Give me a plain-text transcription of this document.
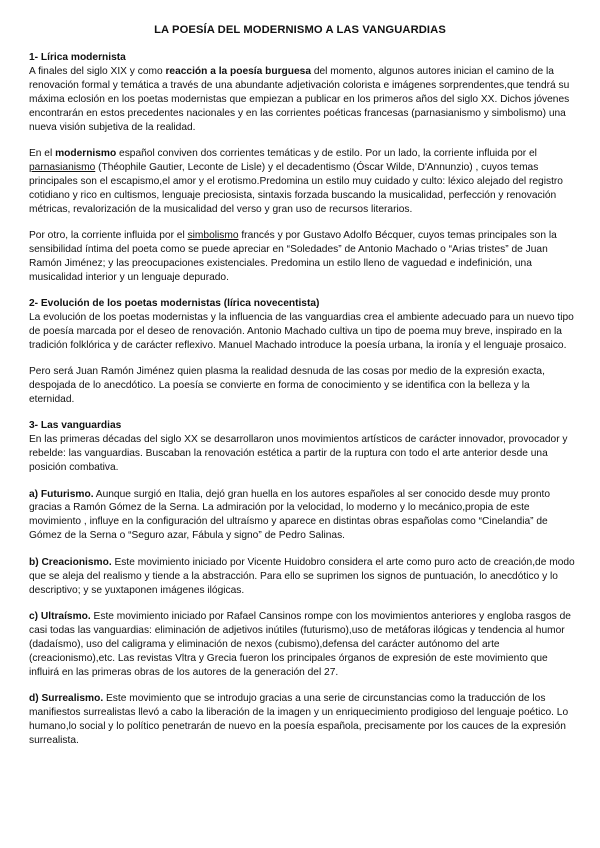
LA POESÍA DEL MODERNISMO A LAS VANGUARDIAS
1- Lírica modernista

A finales del siglo XIX y como reacción a la poesía burguesa del momento, algunos autores inician el camino de la renovación formal y temática a través de una abundante adjetivación colorista e imágenes sorprendentes,que tendrá su máxima eclosión en los poetas modernistas que empiezan a publicar en los primeros años del siglo XX. Dichos jóvenes encontrarán en estos precedentes nacionales y en las corrientes poéticas francesas (parnasianismo y simbolismo) una nueva visión subjetiva de la realidad.

En el modernismo español conviven dos corrientes temáticas y de estilo. Por un lado, la corriente influida por el parnasianismo (Théophile Gautier, Leconte de Lisle) y el decadentismo (Óscar Wilde, D'Annunzio) , cuyos temas principales son el escapismo,el amor y el erotismo.Predomina un estilo muy cuidado y culto: léxico alejado del registro cotidiano y rico en cultismos, lenguaje preciosista, sintaxis forzada buscando la musicalidad, perfección y renovación métricas, revalorización de la musicalidad del verso y gran uso de recursos literarios.

Por otro, la corriente influida por el simbolismo francés y por Gustavo Adolfo Bécquer, cuyos temas principales son la sensibilidad íntima del poeta como se puede apreciar en “Soledades” de Antonio Machado o “Arias tristes” de Juan Ramón Jiménez; y las preocupaciones existenciales. Predomina un estilo lleno de vaguedad e indefinición, una musicalidad interior y un lenguaje depurado.

2- Evolución de los poetas modernistas (lírica novecentista)

La evolución de los poetas modernistas y la influencia de las vanguardias crea el ambiente adecuado para un nuevo tipo de poesía marcada por el deseo de renovación. Antonio Machado cultiva un tipo de poema muy breve, inspirado en la tradición folklórica y de carácter reflexivo. Manuel Machado introduce la poesía urbana, la ironía y el lenguaje prosaico.

Pero será Juan Ramón Jiménez quien plasma la realidad desnuda de las cosas por medio de la expresión exacta, despojada de lo anecdótico. La poesía se convierte en forma de conocimiento y se identifica con la belleza y la eternidad.

3- Las vanguardias

En las primeras décadas del siglo XX se desarrollaron unos movimientos artísticos de carácter innovador, provocador y rebelde: las vanguardias. Buscaban la renovación estética a partir de la ruptura con todo el arte anterior desde una posición combativa.

a) Futurismo. Aunque surgió en Italia, dejó gran huella en los autores españoles al ser conocido desde muy pronto gracias a Ramón Gómez de la Serna. La admiración por la velocidad, lo moderno y lo mecánico,propia de este movimiento , influye en la configuración del ultraísmo y aparece en distintas obras españolas como “Cinelandia” de Gómez de la Serna o “Seguro azar, Fábula y signo” de Pedro Salinas.

b) Creacionismo. Este movimiento iniciado por Vicente Huidobro considera el arte como puro acto de creación,de modo que se aleja del realismo y tiende a la abstracción. Para ello se suprimen los signos de puntuación, lo anecdótico y lo descriptivo; y se yuxtaponen imágenes ilógicas.

c) Ultraísmo. Este movimiento iniciado por Rafael Cansinos rompe con los movimientos anteriores y engloba rasgos de casi todas las vanguardias: eliminación de adjetivos inútiles (futurismo),uso de metáforas ilógicas y tendencia al humor (dadaísmo), uso del caligrama y eliminación de nexos (cubismo),defensa del carácter autónomo del arte (creacionismo),etc. Las revistas Vltra y Grecia fueron los principales órganos de expresión de este movimiento que influirá en las primeras obras de los autores de la generación del 27.

d) Surrealismo. Este movimiento que se introdujo gracias a una serie de circunstancias como la traducción de los manifiestos surrealistas llevó a cabo la liberación de la imagen y un enriquecimiento prodigioso del lenguaje poético. Lo humano,lo social y lo político penetrarán de nuevo en la poesía española, precisamente por los cauces de la expresión surrealista.
